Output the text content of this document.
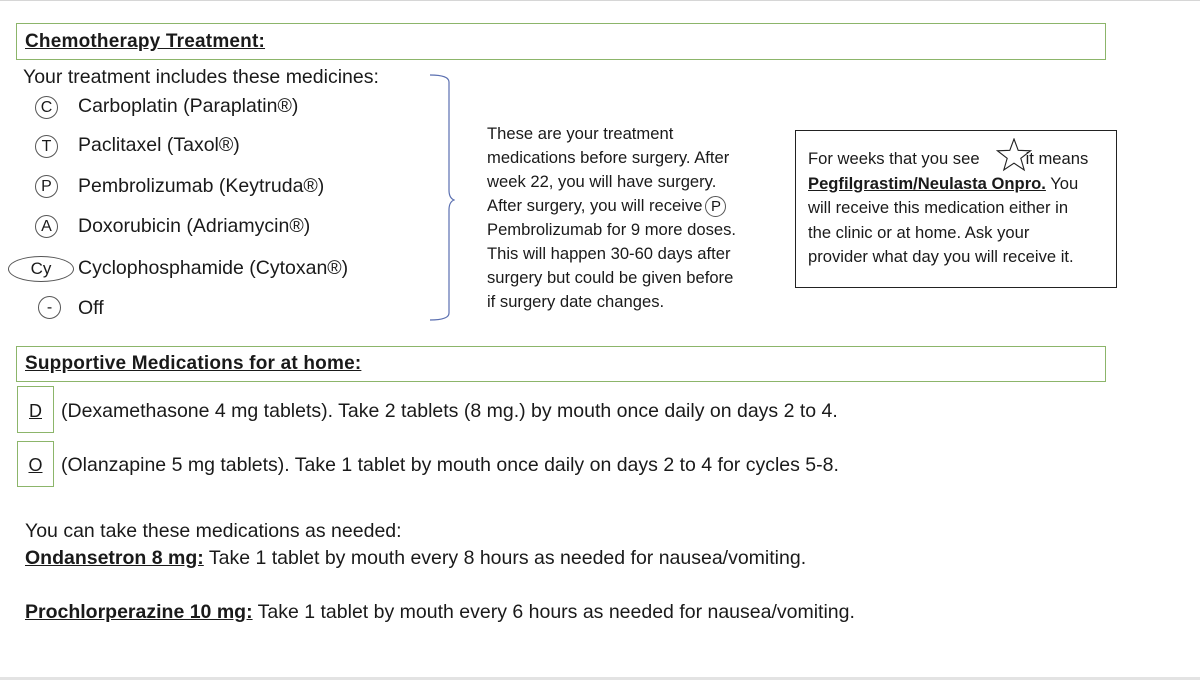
Chemotherapy Treatment:
Your treatment includes these medicines:
C Carboplatin (Paraplatin®)
T	Paclitaxel (Taxol®)
P	Pembrolizumab (Keytruda®)
A	Doxorubicin (Adriamycin®)
Cy	Cyclophosphamide (Cytoxan®)
-	Off
These are your treatment
medications before surgery. After
week 22, you will have surgery.
After surgery, you will receive P
Pembrolizumab for 9 more doses.
This will happen 30-60 days after
surgery but could be given before
if surgery date changes.
For weeks that you see	it means
Pegfilgrastim/Neulasta Onpro. You
will receive this medication either in
the clinic or at home. Ask your
provider what day you will receive it.
Supportive Medications for at home:
D (Dexamethasone 4 mg tablets). Take 2 tablets (8 mg.) by mouth once daily on days 2 to 4.
O (Olanzapine 5 mg tablets). Take 1 tablet by mouth once daily on days 2 to 4 for cycles 5-8.
You can take these medications as needed:
Ondansetron 8 mg: Take 1 tablet by mouth every 8 hours as needed for nausea/vomiting.
Prochlorperazine 10 mg: Take 1 tablet by mouth every 6 hours as needed for nausea/vomiting.
